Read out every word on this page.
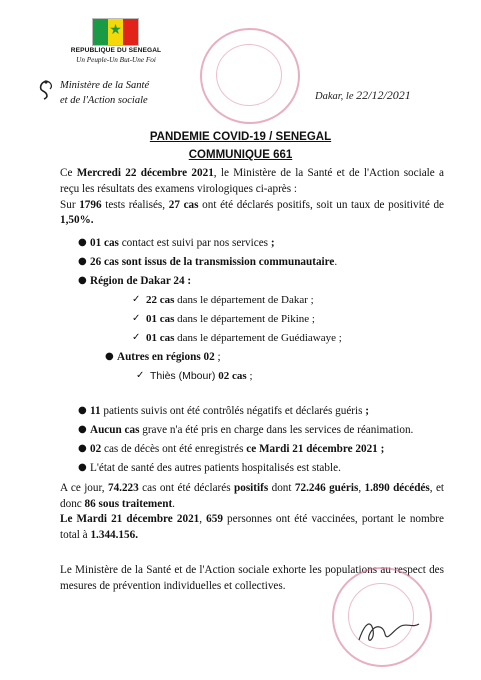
★
REPUBLIQUE DU SENEGAL
Un Peuple-Un But-Une Foi
Ministère de la Santé
et de l'Action sociale	Dakar, le 22/12/2021
PANDEMIE COVID-19 / SENEGAL
COMMUNIQUE 661
Ce Mercredi 22 décembre 2021, le Ministère de la Santé et de l'Action sociale a reçu les résultats des examens virologiques ci-après :
Sur 1796 tests réalisés, 27 cas ont été déclarés positifs, soit un taux de positivité de 1,50%.
● 01 cas contact est suivi par nos services ;
● 26 cas sont issus de la transmission communautaire.
● Région de Dakar 24 :
✓ 22 cas dans le département de Dakar ;
✓ 01 cas dans le département de Pikine ;
✓ 01 cas dans le département de Guédiawaye ;
● Autres en régions 02 ;
✓ Thiès (Mbour) 02 cas ;
● 11 patients suivis ont été contrôlés négatifs et déclarés guéris ;
● Aucun cas grave n'a été pris en charge dans les services de réanimation.
● 02 cas de décès ont été enregistrés ce Mardi 21 décembre 2021 ;
● L'état de santé des autres patients hospitalisés est stable.
A ce jour, 74.223 cas ont été déclarés positifs dont 72.246 guéris, 1.890 décédés, et donc 86 sous traitement.
Le Mardi 21 décembre 2021, 659 personnes ont été vaccinées, portant le nombre total à 1.344.156.
Le Ministère de la Santé et de l'Action sociale exhorte les populations au respect des mesures de prévention individuelles et collectives.
